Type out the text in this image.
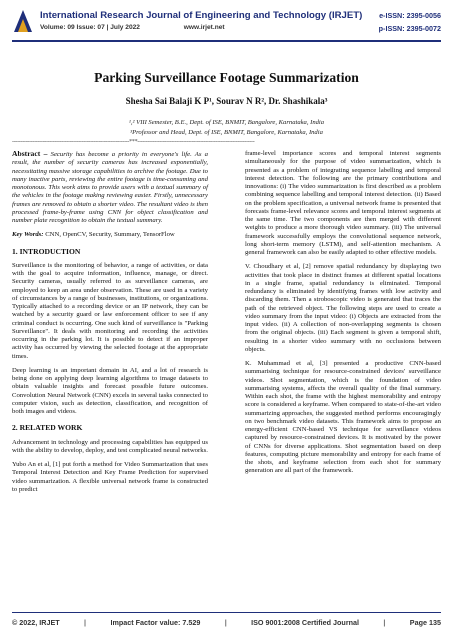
International Research Journal of Engineering and Technology (IRJET)
Volume: 09 Issue: 07 | July 2022	www.irjet.net
e-ISSN: 2395-0056
p-ISSN: 2395-0072
Parking Surveillance Footage Summarization
Shesha Sai Balaji K P¹, Sourav N R², Dr. Shashikala³
¹,² VIII Semester, B.E., Dept. of ISE, BNMIT, Bangalore, Karnataka, India
³Professor and Head, Dept. of ISE, BNMIT, Bangalore, Karnataka, India
---------------------------------------------------------------------***---------------------------------------------------------------------

Abstract – Security has become a priority in everyone's life. As a result, the number of security cameras has increased exponentially, necessitating massive storage capabilities to archive the footage. Due to many inactive parts, reviewing the entire footage is time-consuming and monotonous. This work aims to provide users with a textual summary of the vehicles in the footage making reviewing easier. Firstly, unnecessary frames are removed to obtain a shorter video. The resultant video is then processed frame-by-frame using CNN for object classification and number plate recognition to obtain the textual summary.

Key Words: CNN, OpenCV, Security, Summary, TensorFlow

1. INTRODUCTION

Surveillance is the monitoring of behavior, a range of activities, or data with the goal to acquire information, influence, manage, or direct. Security cameras, usually referred to as surveillance cameras, are employed to keep an area under observation. These are used in a variety of circumstances by a range of businesses, institutions, or organizations. Typically attached to a recording device or an IP network, they can be watched by a security guard or law enforcement officer to see if any criminal conduct is occurring. One such kind of surveillance is "Parking Surveillance". It deals with monitoring and recording the activities occurring in the parking lot. It is possible to detect if an improper activity has occurred by viewing the selected footage at the appropriate times.

Deep learning is an important domain in AI, and a lot of research is being done on applying deep learning algorithms to image datasets to obtain valuable insights and forecast possible future outcomes. Convolution Neural Network (CNN) excels in several tasks connected to computer vision, such as detection, classification, and recognition of both images and videos.

2. RELATED WORK

Advancement in technology and processing capabilities has equipped us with the ability to develop, deploy, and test complicated neural networks.

Yubo An et al, [1] put forth a method for Video Summarization that uses Temporal Interest Detection and Key Frame Prediction for supervised video summarization. A flexible universal network frame is constructed to predict

frame-level importance scores and temporal interest segments simultaneously for the purpose of video summarization, which is presented as a problem of integrating sequence labelling and temporal interest detection. The following are the primary contributions and innovations: (i) The video summarization is first described as a problem combining sequence labelling and temporal interest detection. (ii) Based on the problem specification, a universal network frame is presented that forecasts frame-level relevance scores and temporal interest segments at the same time. The two components are then merged with different weights to produce a more thorough video summary. (iii) The universal framework successfully employs the convolutional sequence network, long short-term memory (LSTM), and self-attention mechanism. A general framework can also be easily adapted to other effective models.

V. Choudhary et al, [2] remove spatial redundancy by displaying two activities that took place in distinct frames at different spatial locations in a single frame, spatial redundancy is eliminated. Temporal redundancy is eliminated by identifying frames with low activity and discarding them. Then a stroboscopic video is generated that traces the path of the retrieved object. The following steps are used to create a video summary from the input video: (i) Objects are extracted from the input video. (ii) A collection of non-overlapping segments is chosen from the original objects. (iii) Each segment is given a temporal shift, resulting in a shorter video summary with no occlusions between objects.

K. Muhammad et al, [3] presented a productive CNN-based summarising technique for resource-constrained devices' surveillance videos. Shot segmentation, which is the foundation of video summarising systems, affects the overall quality of the final summary. Within each shot, the frame with the highest memorability and entropy score is considered a keyframe. When compared to state-of-the-art video summarizing approaches, the suggested method performs encouragingly on two benchmark video datasets. This framework aims to propose an energy-efficient CNN-based VS technique for surveillance videos captured by resource-constrained devices. It is motivated by the power of CNNs for diverse applications. Shot segmentation based on deep features, computing picture memorability and entropy for each frame of the shots, and keyframe selection from each shot for summary generation are all part of the framework.

© 2022, IRJET	|	Impact Factor value: 7.529	|	ISO 9001:2008 Certified Journal	|	Page 135
